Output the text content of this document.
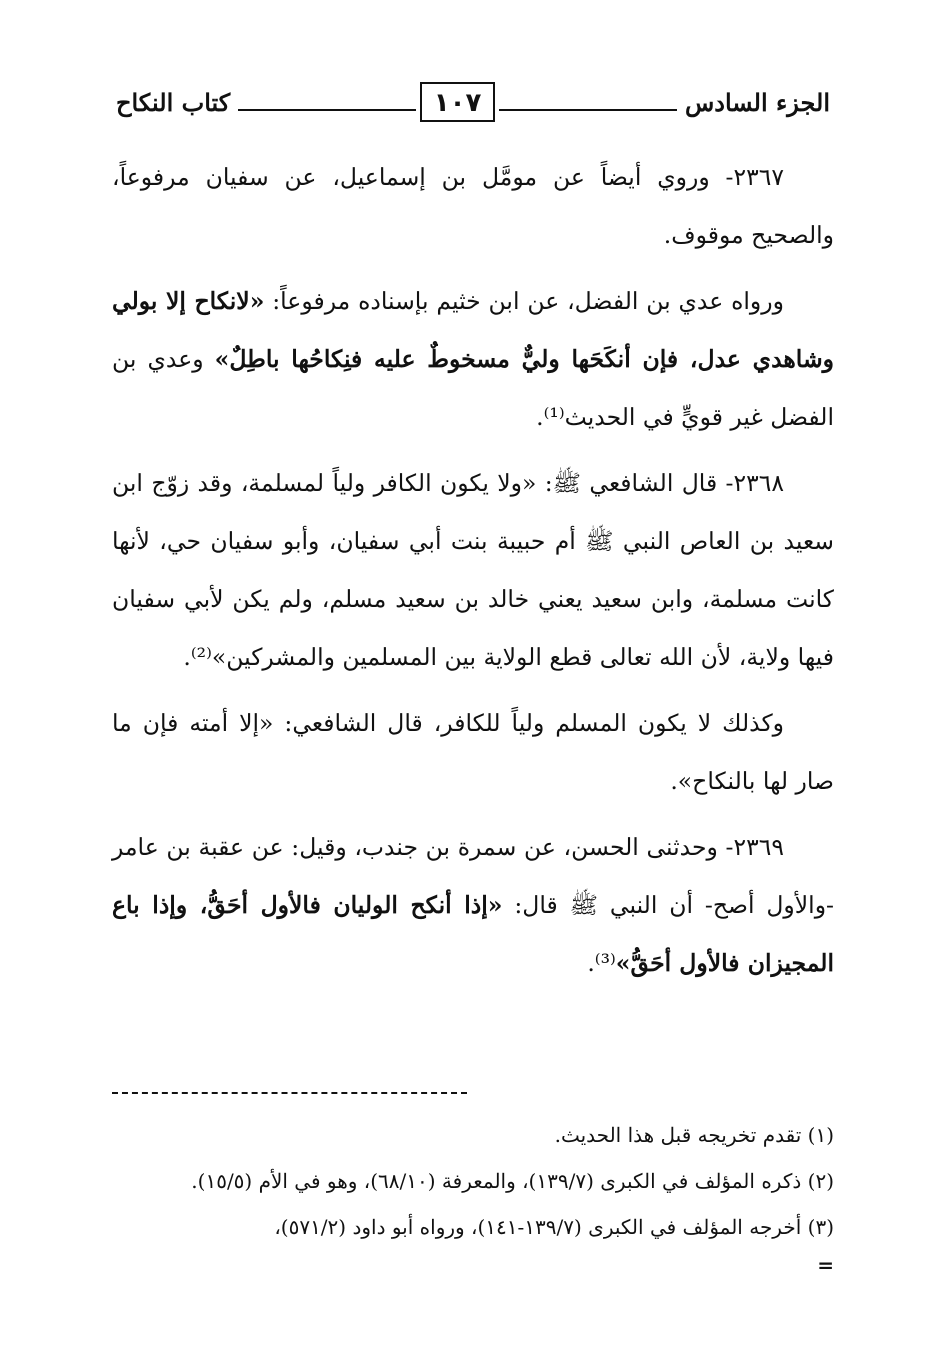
الجزء السادس
١٠٧
كتاب النكاح

٢٣٦٧- وروي أيضاً عن مومَّل بن إسماعيل، عن سفيان مرفوعاً، والصحيح موقوف.

ورواه عدي بن الفضل، عن ابن خثيم بإسناده مرفوعاً: «لانكاح إلا بولي وشاهدي عدل، فإن أنكَحَها وليٌّ مسخوطٌ عليه فنِكاحُها باطِلٌ» وعدي بن الفضل غير قويٍّ في الحديث⁽¹⁾.

٢٣٦٨- قال الشافعي ﷺ: «ولا يكون الكافر ولياً لمسلمة، وقد زوّج ابن سعيد بن العاص النبي ﷺ أم حبيبة بنت أبي سفيان، وأبو سفيان حي، لأنها كانت مسلمة، وابن سعيد يعني خالد بن سعيد مسلم، ولم يكن لأبي سفيان فيها ولاية، لأن الله تعالى قطع الولاية بين المسلمين والمشركين»⁽²⁾.

وكذلك لا يكون المسلم ولياً للكافر، قال الشافعي: «إلا أمته فإن ما صار لها بالنكاح».

٢٣٦٩- وحدثنى الحسن، عن سمرة بن جندب، وقيل: عن عقبة بن عامر -والأول أصح- أن النبي ﷺ قال: «إذا أنكح الوليان فالأول أحَقُّ، وإذا باع المجيزان فالأول أحَقُّ»⁽³⁾.

(١) تقدم تخريجه قبل هذا الحديث.

(٢) ذكره المؤلف في الكبرى (١٣٩/٧)، والمعرفة (٦٨/١٠)، وهو في الأم (١٥/٥).

(٣) أخرجه المؤلف في الكبرى (١٣٩/٧-١٤١)، ورواه أبو داود (٥٧١/٢)،

=
